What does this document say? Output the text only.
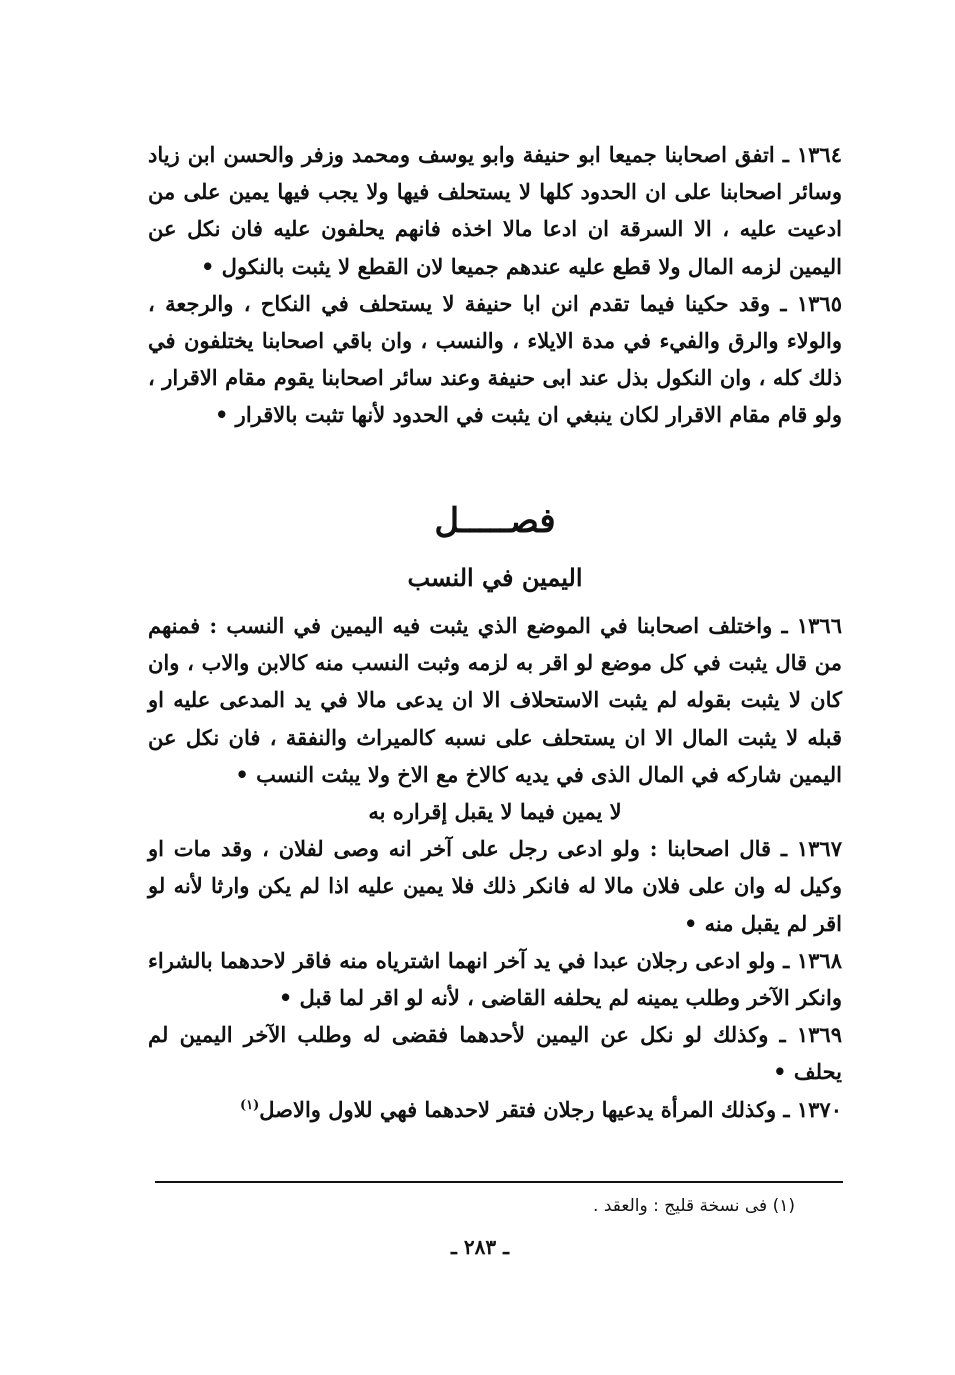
١٣٦٤ ـ اتفق اصحابنا جميعا ابو حنيفة وابو يوسف ومحمد وزفر والحسن ابن زياد وسائر اصحابنا على ان الحدود كلها لا يستحلف فيها ولا يجب فيها يمين على من ادعيت عليه ، الا السرقة ان ادعا مالا اخذه فانهم يحلفون عليه فان نكل عن اليمين لزمه المال ولا قطع عليه عندهم جميعا لان القطع لا يثبت بالنكول •

١٣٦٥ ـ وقد حكينا فيما تقدم انن ابا حنيفة لا يستحلف في النكاح ، والرجعة ، والولاء والرق والفيء في مدة الايلاء ، والنسب ، وان باقي اصحابنا يختلفون في ذلك كله ، وان النكول بذل عند ابى حنيفة وعند سائر اصحابنا يقوم مقام الاقرار ، ولو قام مقام الاقرار لكان ينبغي ان يثبت في الحدود لأنها تثبت بالاقرار •

فصـــــل
اليمين في النسب

١٣٦٦ ـ واختلف اصحابنا في الموضع الذي يثبت فيه اليمين في النسب : فمنهم من قال يثبت في كل موضع لو اقر به لزمه وثبت النسب منه كالابن والاب ، وان كان لا يثبت بقوله لم يثبت الاستحلاف الا ان يدعى مالا في يد المدعى عليه او قبله لا يثبت المال الا ان يستحلف على نسبه كالميراث والنفقة ، فان نكل عن اليمين شاركه في المال الذى في يديه كالاخ مع الاخ ولا يبثت النسب •

لا يمين فيما لا يقبل إقراره به

١٣٦٧ ـ قال اصحابنا : ولو ادعى رجل على آخر انه وصى لفلان ، وقد مات او وكيل له وان على فلان مالا له فانكر ذلك فلا يمين عليه اذا لم يكن وارثا لأنه لو اقر لم يقبل منه •

١٣٦٨ ـ ولو ادعى رجلان عبدا في يد آخر انهما اشترياه منه فاقر لاحدهما بالشراء وانكر الآخر وطلب يمينه لم يحلفه القاضى ، لأنه لو اقر لما قبل •

١٣٦٩ ـ وكذلك لو نكل عن اليمين لأحدهما فقضى له وطلب الآخر اليمين لم يحلف •

١٣٧٠ ـ وكذلك المرأة يدعيها رجلان فتقر لاحدهما فهي للاول والاصل$^{(١)}$

(١) فى نسخة قليج : والعقد .
ـ ٢٨٣ ـ
